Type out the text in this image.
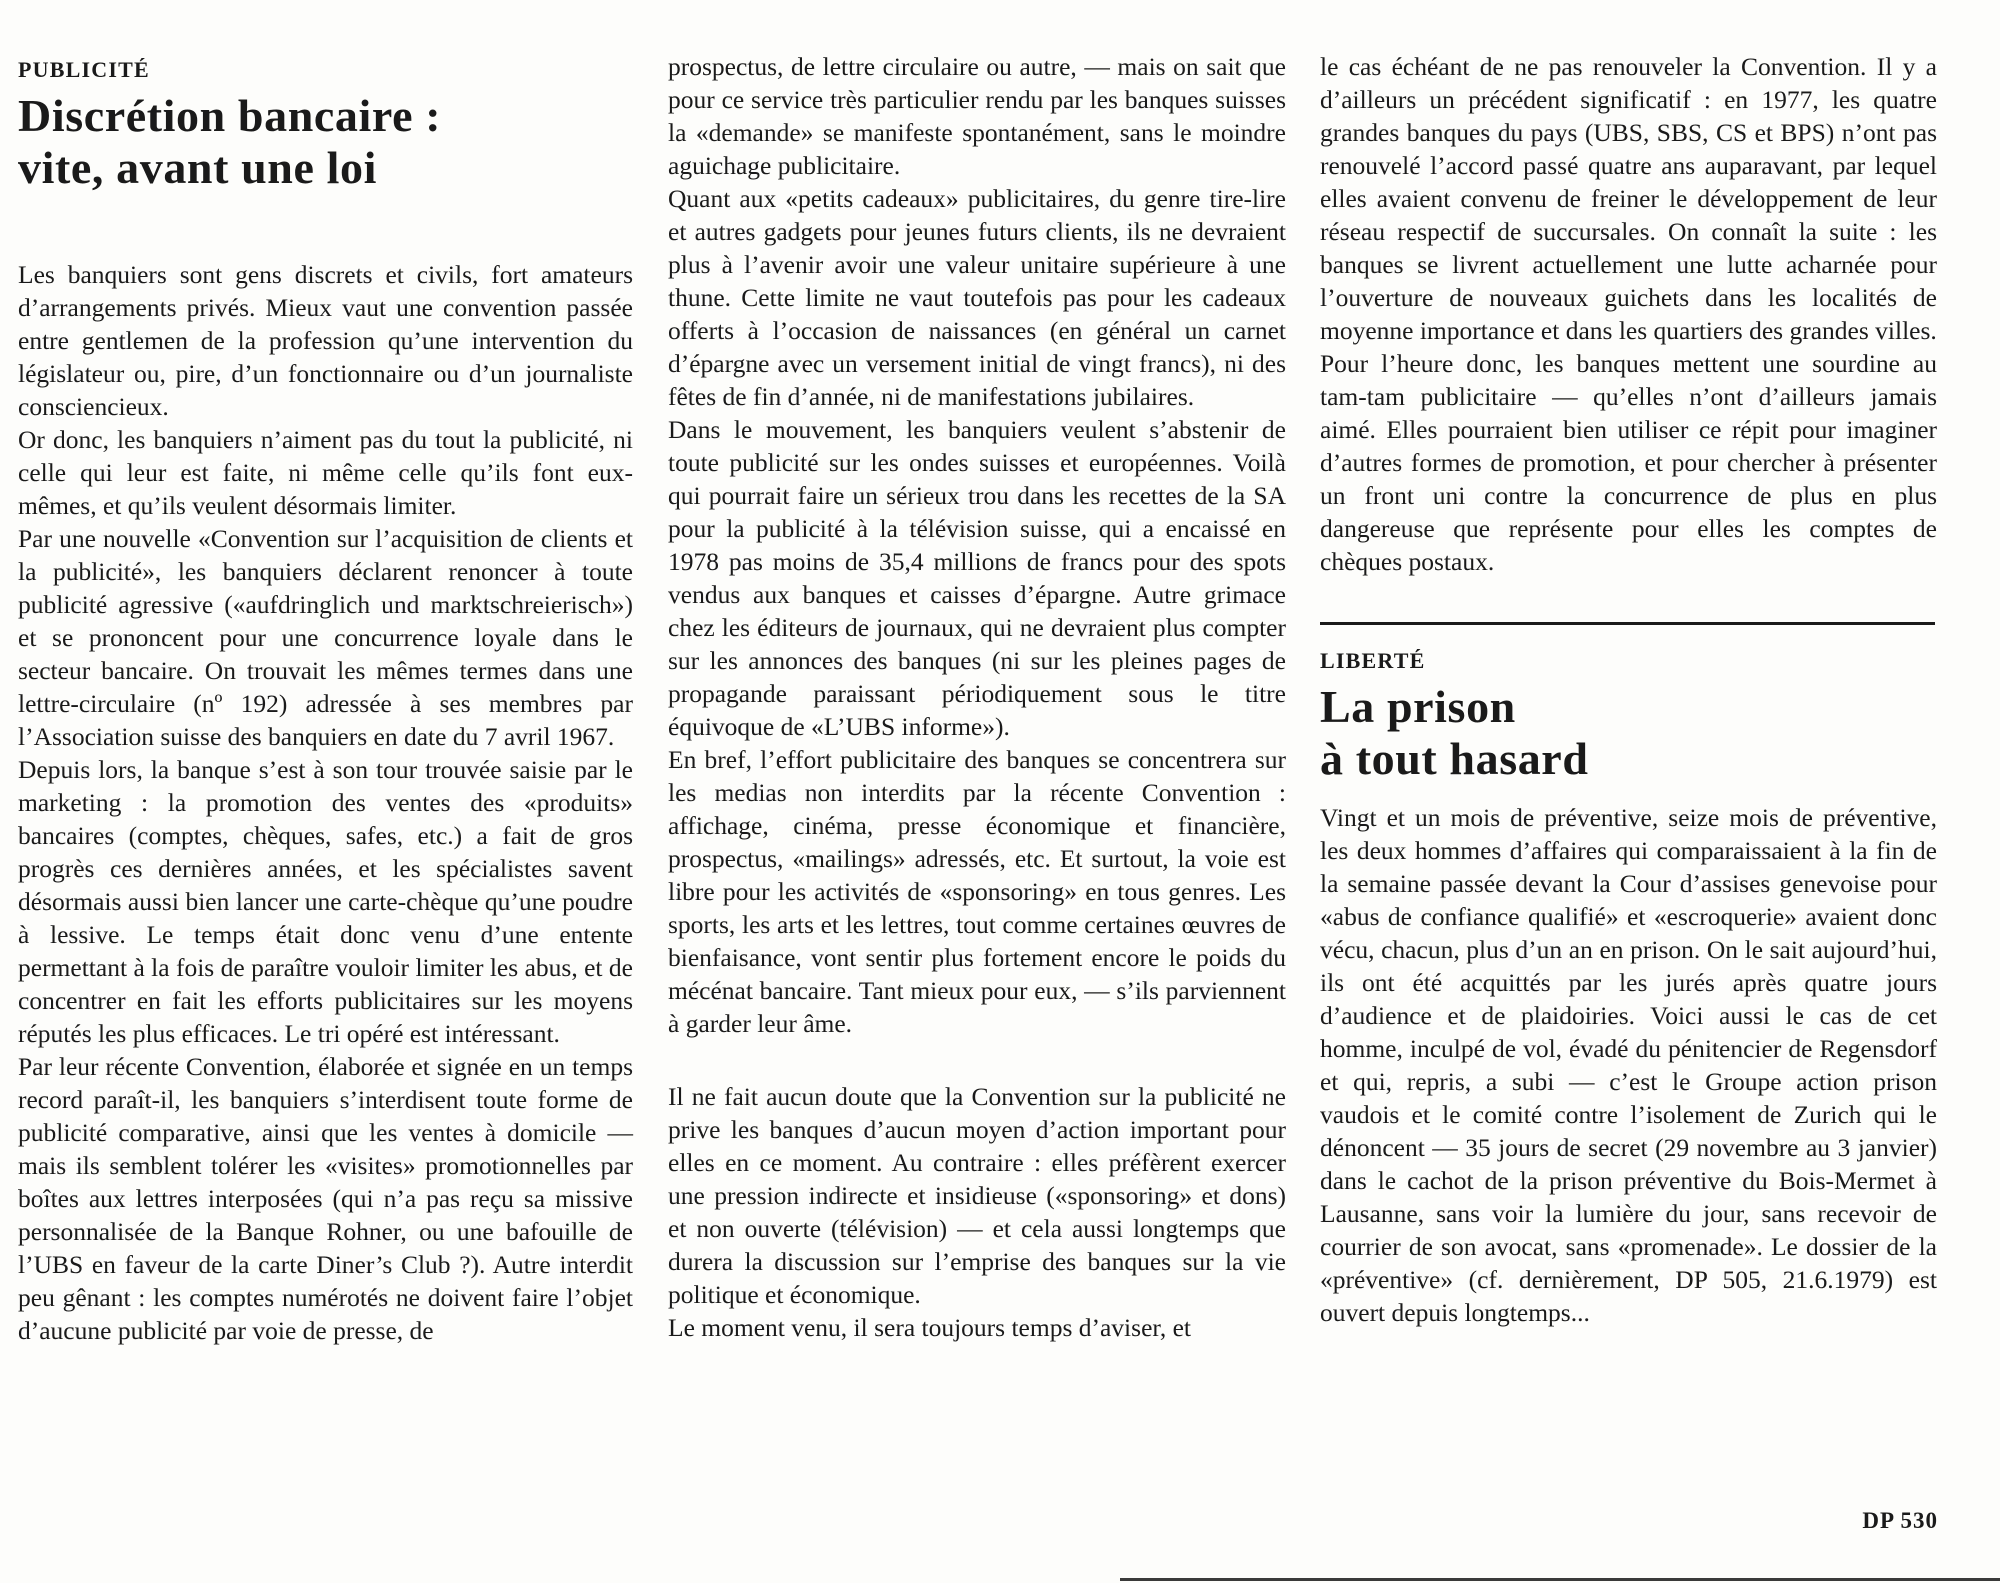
PUBLICITÉ
Discrétion bancaire :
vite, avant une loi

Les banquiers sont gens discrets et civils, fort amateurs d’arrangements privés. Mieux vaut une convention passée entre gentlemen de la profession qu’une intervention du législateur ou, pire, d’un fonctionnaire ou d’un journaliste consciencieux.

Or donc, les banquiers n’aiment pas du tout la publicité, ni celle qui leur est faite, ni même celle qu’ils font eux-mêmes, et qu’ils veulent désormais limiter.

Par une nouvelle «Convention sur l’acquisition de clients et la publicité», les banquiers déclarent renoncer à toute publicité agressive («aufdringlich und marktschreierisch») et se prononcent pour une concurrence loyale dans le secteur bancaire. On trouvait les mêmes termes dans une lettre-circulaire (nº 192) adressée à ses membres par l’Association suisse des banquiers en date du 7 avril 1967.

Depuis lors, la banque s’est à son tour trouvée saisie par le marketing : la promotion des ventes des «produits» bancaires (comptes, chèques, safes, etc.) a fait de gros progrès ces dernières années, et les spécialistes savent désormais aussi bien lancer une carte-chèque qu’une poudre à lessive. Le temps était donc venu d’une entente permettant à la fois de paraître vouloir limiter les abus, et de concentrer en fait les efforts publicitaires sur les moyens réputés les plus efficaces. Le tri opéré est intéressant.

Par leur récente Convention, élaborée et signée en un temps record paraît-il, les banquiers s’interdisent toute forme de publicité comparative, ainsi que les ventes à domicile — mais ils semblent tolérer les «visites» promotionnelles par boîtes aux lettres interposées (qui n’a pas reçu sa missive personnalisée de la Banque Rohner, ou une bafouille de l’UBS en faveur de la carte Diner’s Club ?). Autre interdit peu gênant : les comptes numérotés ne doivent faire l’objet d’aucune publicité par voie de presse, de

prospectus, de lettre circulaire ou autre, — mais on sait que pour ce service très particulier rendu par les banques suisses la «demande» se manifeste spontanément, sans le moindre aguichage publicitaire.

Quant aux «petits cadeaux» publicitaires, du genre tire-lire et autres gadgets pour jeunes futurs clients, ils ne devraient plus à l’avenir avoir une valeur unitaire supérieure à une thune. Cette limite ne vaut toutefois pas pour les cadeaux offerts à l’occasion de naissances (en général un carnet d’épargne avec un versement initial de vingt francs), ni des fêtes de fin d’année, ni de manifestations jubilaires.

Dans le mouvement, les banquiers veulent s’abstenir de toute publicité sur les ondes suisses et européennes. Voilà qui pourrait faire un sérieux trou dans les recettes de la SA pour la publicité à la télévision suisse, qui a encaissé en 1978 pas moins de 35,4 millions de francs pour des spots vendus aux banques et caisses d’épargne. Autre grimace chez les éditeurs de journaux, qui ne devraient plus compter sur les annonces des banques (ni sur les pleines pages de propagande paraissant périodiquement sous le titre équivoque de «L’UBS informe»).

En bref, l’effort publicitaire des banques se concentrera sur les medias non interdits par la récente Convention : affichage, cinéma, presse économique et financière, prospectus, «mailings» adressés, etc. Et surtout, la voie est libre pour les activités de «sponsoring» en tous genres. Les sports, les arts et les lettres, tout comme certaines œuvres de bienfaisance, vont sentir plus fortement encore le poids du mécénat bancaire. Tant mieux pour eux, — s’ils parviennent à garder leur âme.

Il ne fait aucun doute que la Convention sur la publicité ne prive les banques d’aucun moyen d’action important pour elles en ce moment. Au contraire : elles préfèrent exercer une pression indirecte et insidieuse («sponsoring» et dons) et non ouverte (télévision) — et cela aussi longtemps que durera la discussion sur l’emprise des banques sur la vie politique et économique.

Le moment venu, il sera toujours temps d’aviser, et

le cas échéant de ne pas renouveler la Convention. Il y a d’ailleurs un précédent significatif : en 1977, les quatre grandes banques du pays (UBS, SBS, CS et BPS) n’ont pas renouvelé l’accord passé quatre ans auparavant, par lequel elles avaient convenu de freiner le développement de leur réseau respectif de succursales. On connaît la suite : les banques se livrent actuellement une lutte acharnée pour l’ouverture de nouveaux guichets dans les localités de moyenne importance et dans les quartiers des grandes villes.

Pour l’heure donc, les banques mettent une sourdine au tam-tam publicitaire — qu’elles n’ont d’ailleurs jamais aimé. Elles pourraient bien utiliser ce répit pour imaginer d’autres formes de promotion, et pour chercher à présenter un front uni contre la concurrence de plus en plus dangereuse que représente pour elles les comptes de chèques postaux.

LIBERTÉ
La prison
à tout hasard

Vingt et un mois de préventive, seize mois de préventive, les deux hommes d’affaires qui comparaissaient à la fin de la semaine passée devant la Cour d’assises genevoise pour «abus de confiance qualifié» et «escroquerie» avaient donc vécu, chacun, plus d’un an en prison. On le sait aujourd’hui, ils ont été acquittés par les jurés après quatre jours d’audience et de plaidoiries. Voici aussi le cas de cet homme, inculpé de vol, évadé du pénitencier de Regensdorf et qui, repris, a subi — c’est le Groupe action prison vaudois et le comité contre l’isolement de Zurich qui le dénoncent — 35 jours de secret (29 novembre au 3 janvier) dans le cachot de la prison préventive du Bois-Mermet à Lausanne, sans voir la lumière du jour, sans recevoir de courrier de son avocat, sans «promenade». Le dossier de la «préventive» (cf. dernièrement, DP 505, 21.6.1979) est ouvert depuis longtemps...

DP 530
